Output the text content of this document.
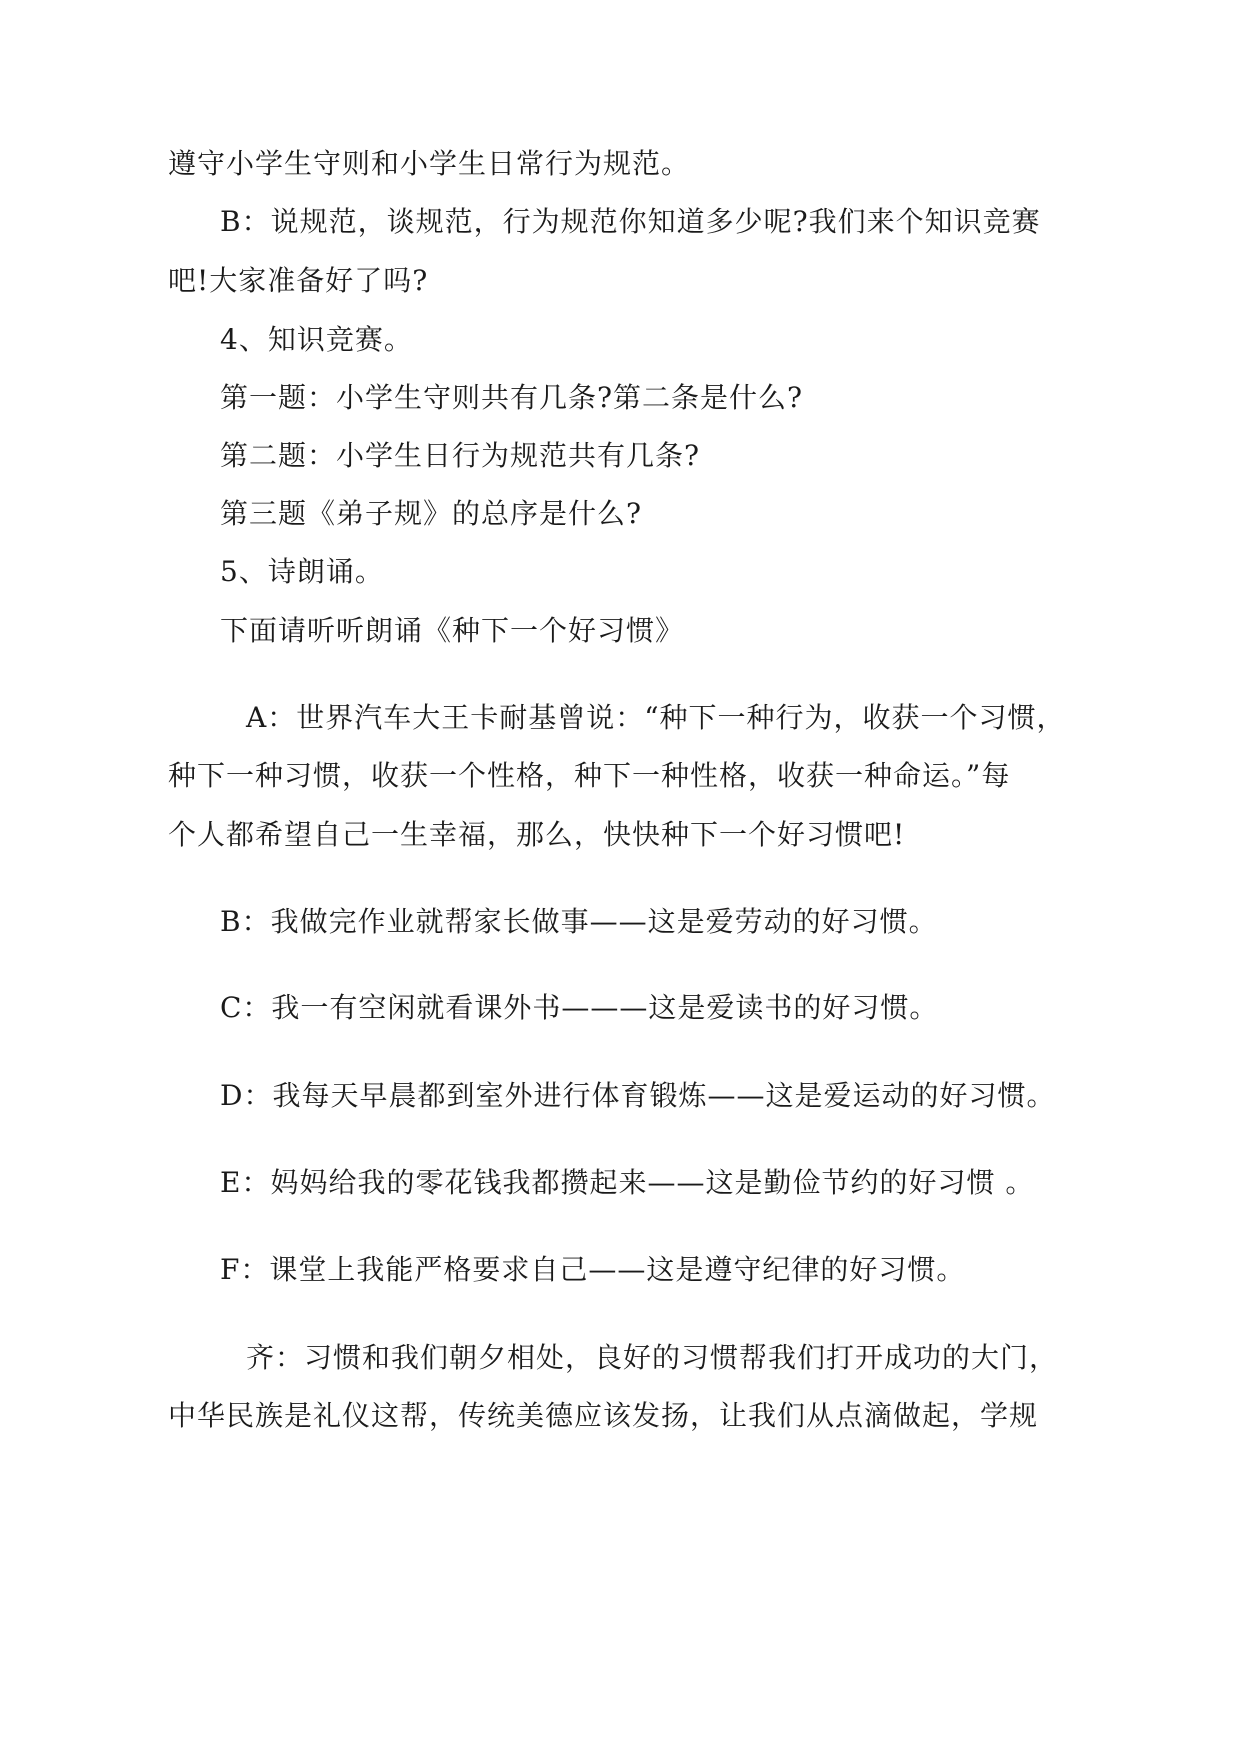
遵守小学生守则和小学生日常行为规范。
B：说规范，谈规范，行为规范你知道多少呢?我们来个知识竞赛
吧!大家准备好了吗?
4、知识竞赛。
第一题：小学生守则共有几条?第二条是什么?
第二题：小学生日行为规范共有几条?
第三题《弟子规》的总序是什么?
5、诗朗诵。
下面请听听朗诵《种下一个好习惯》
A：世界汽车大王卡耐基曾说：“种下一种行为，收获一个习惯，
种下一种习惯，收获一个性格，种下一种性格，收获一种命运。”每
个人都希望自己一生幸福，那么，快快种下一个好习惯吧!
B：我做完作业就帮家长做事——这是爱劳动的好习惯。
C：我一有空闲就看课外书———这是爱读书的好习惯。
D：我每天早晨都到室外进行体育锻炼——这是爱运动的好习惯。
E：妈妈给我的零花钱我都攒起来——这是勤俭节约的好习惯 。
F：课堂上我能严格要求自己——这是遵守纪律的好习惯。
齐：习惯和我们朝夕相处，良好的习惯帮我们打开成功的大门，
中华民族是礼仪这帮，传统美德应该发扬，让我们从点滴做起，学规
